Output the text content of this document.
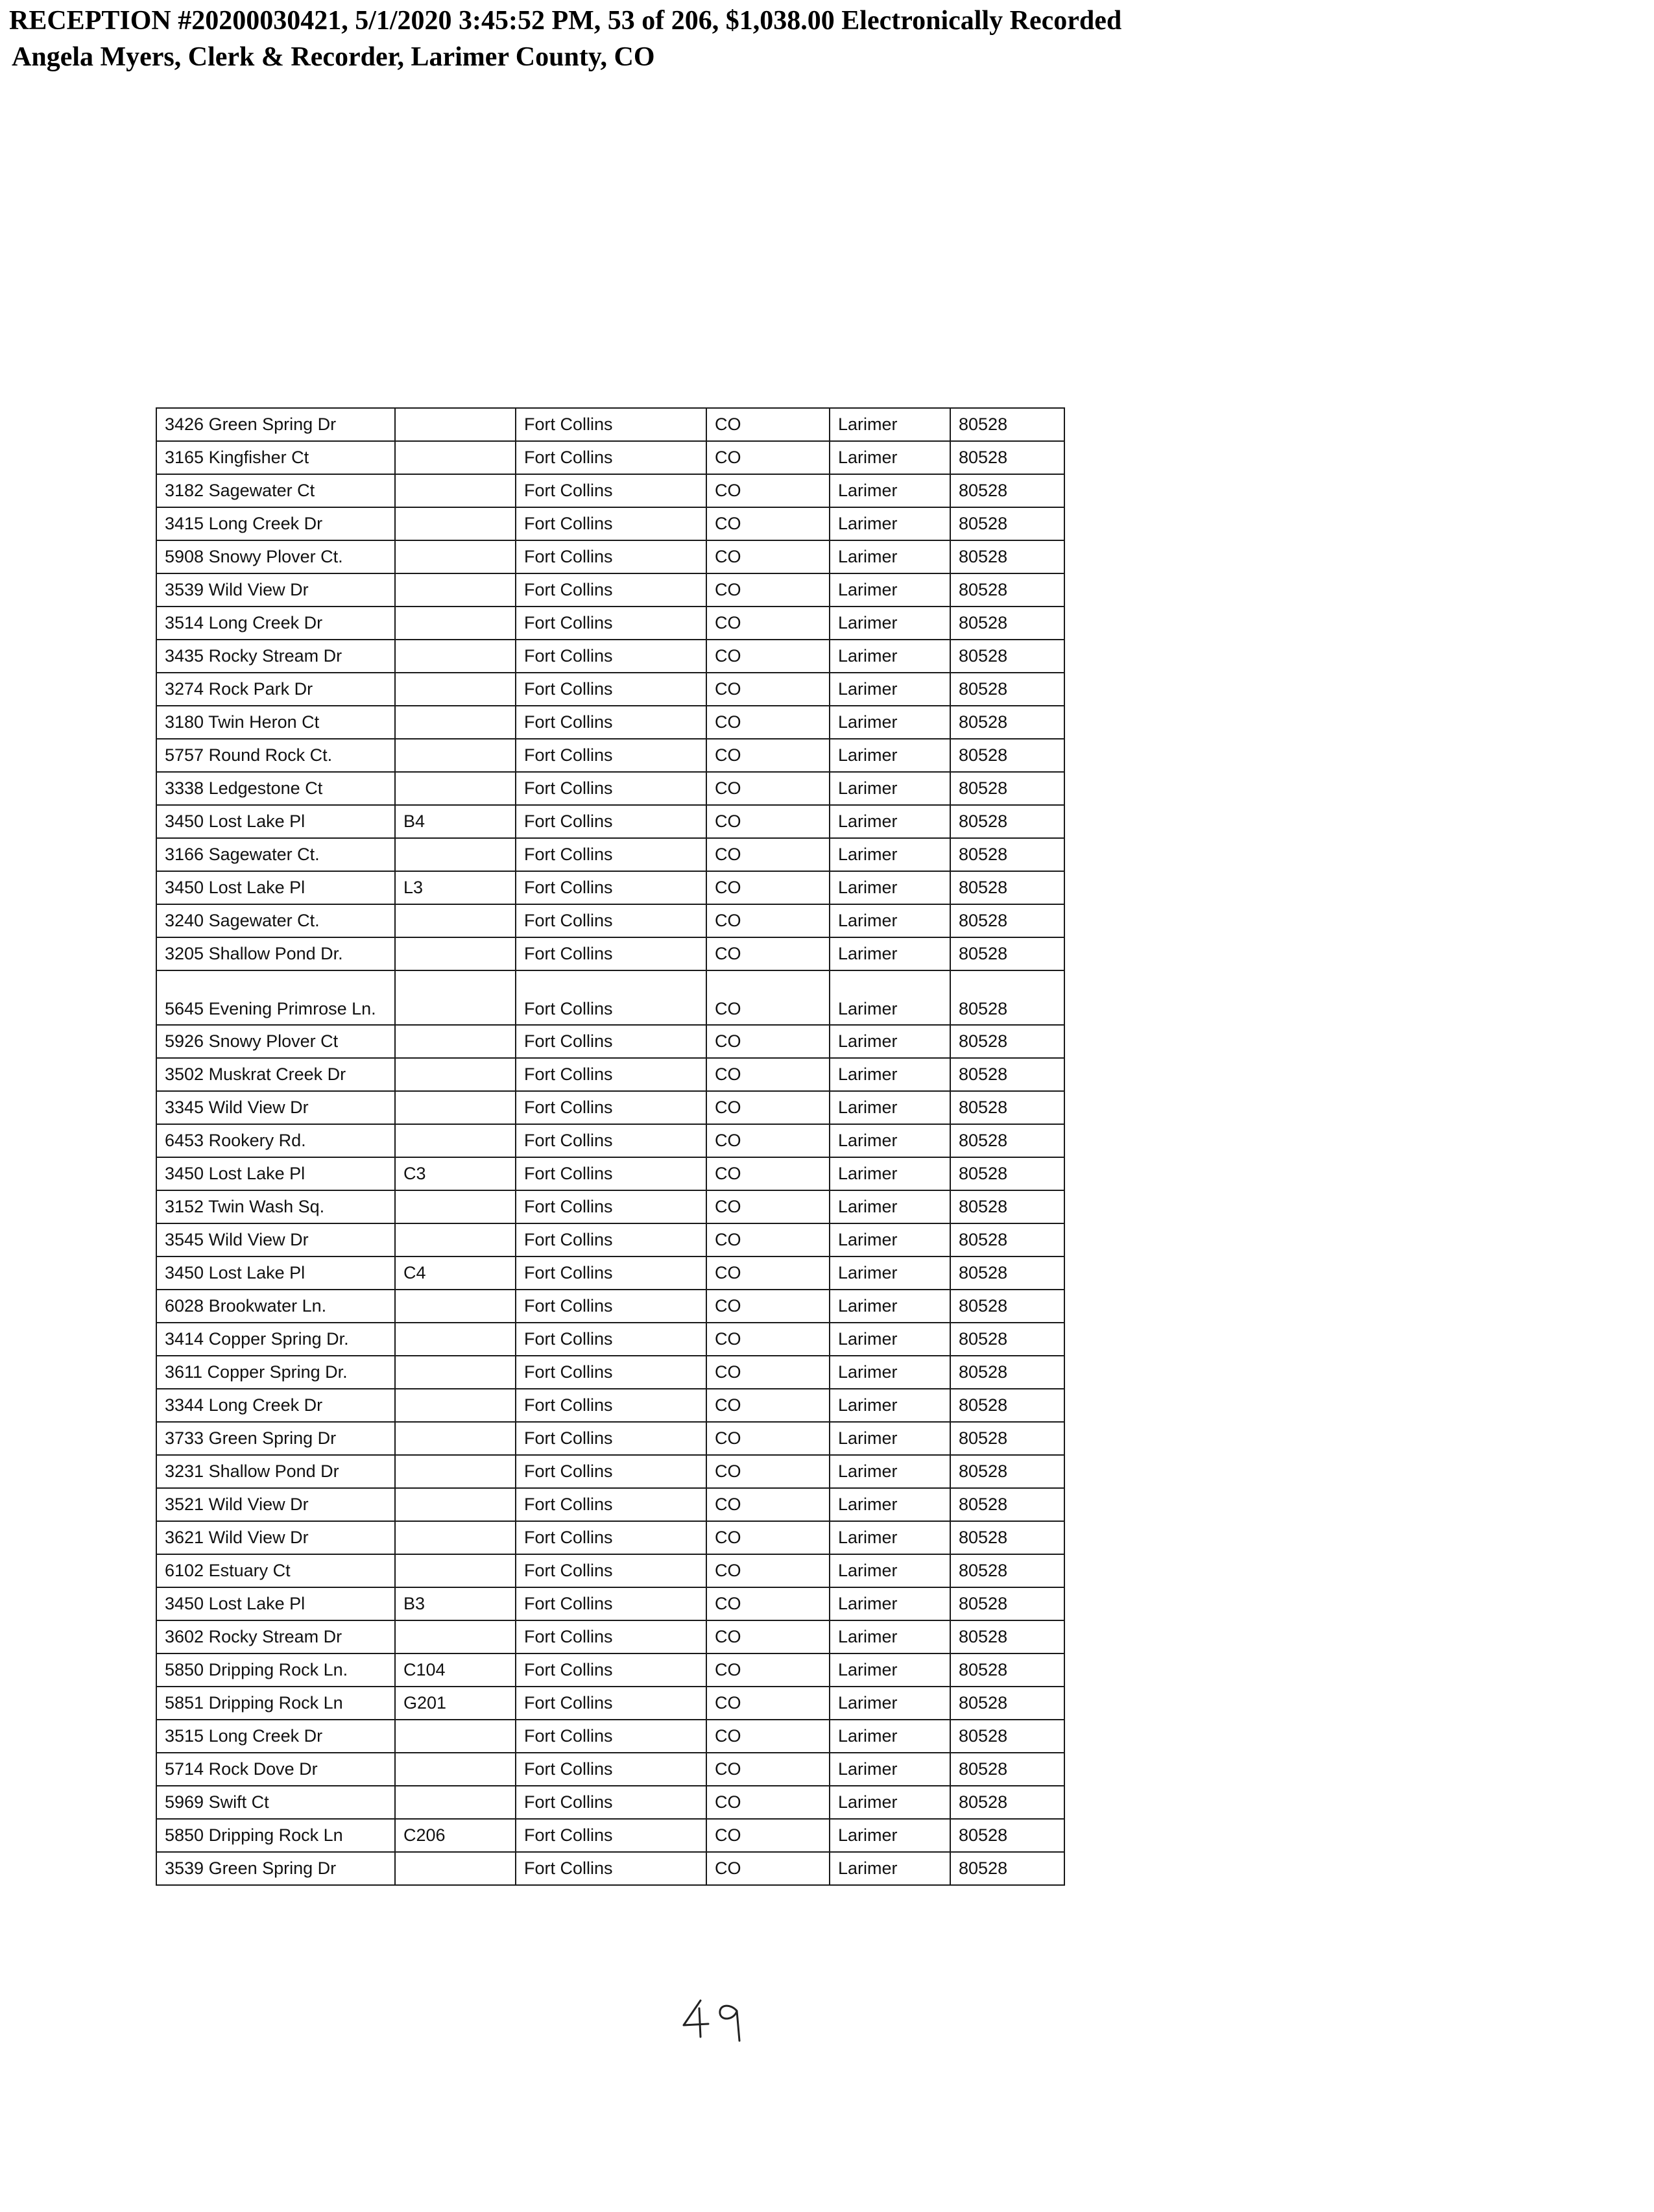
RECEPTION #20200030421, 5/1/2020 3:45:52 PM, 53 of 206, $1,038.00 Electronically Recorded
Angela Myers, Clerk & Recorder, Larimer County, CO
3426 Green Spring Dr		Fort Collins	CO	Larimer	80528
3165 Kingfisher Ct		Fort Collins	CO	Larimer	80528
3182 Sagewater Ct		Fort Collins	CO	Larimer	80528
3415 Long Creek Dr		Fort Collins	CO	Larimer	80528
5908 Snowy Plover Ct.		Fort Collins	CO	Larimer	80528
3539 Wild View Dr		Fort Collins	CO	Larimer	80528
3514 Long Creek Dr		Fort Collins	CO	Larimer	80528
3435 Rocky Stream Dr		Fort Collins	CO	Larimer	80528
3274 Rock Park Dr		Fort Collins	CO	Larimer	80528
3180 Twin Heron Ct		Fort Collins	CO	Larimer	80528
5757 Round Rock Ct.		Fort Collins	CO	Larimer	80528
3338 Ledgestone Ct		Fort Collins	CO	Larimer	80528
3450 Lost Lake Pl	B4	Fort Collins	CO	Larimer	80528
3166 Sagewater Ct.		Fort Collins	CO	Larimer	80528
3450 Lost Lake Pl	L3	Fort Collins	CO	Larimer	80528
3240 Sagewater Ct.		Fort Collins	CO	Larimer	80528
3205 Shallow Pond Dr.		Fort Collins	CO	Larimer	80528
5645 Evening Primrose Ln.		Fort Collins	CO	Larimer	80528
5926 Snowy Plover Ct		Fort Collins	CO	Larimer	80528
3502 Muskrat Creek Dr		Fort Collins	CO	Larimer	80528
3345 Wild View Dr		Fort Collins	CO	Larimer	80528
6453 Rookery Rd.		Fort Collins	CO	Larimer	80528
3450 Lost Lake Pl	C3	Fort Collins	CO	Larimer	80528
3152 Twin Wash Sq.		Fort Collins	CO	Larimer	80528
3545 Wild View Dr		Fort Collins	CO	Larimer	80528
3450 Lost Lake Pl	C4	Fort Collins	CO	Larimer	80528
6028 Brookwater Ln.		Fort Collins	CO	Larimer	80528
3414 Copper Spring Dr.		Fort Collins	CO	Larimer	80528
3611 Copper Spring Dr.		Fort Collins	CO	Larimer	80528
3344 Long Creek Dr		Fort Collins	CO	Larimer	80528
3733 Green Spring Dr		Fort Collins	CO	Larimer	80528
3231 Shallow Pond Dr		Fort Collins	CO	Larimer	80528
3521 Wild View Dr		Fort Collins	CO	Larimer	80528
3621 Wild View Dr		Fort Collins	CO	Larimer	80528
6102 Estuary Ct		Fort Collins	CO	Larimer	80528
3450 Lost Lake Pl	B3	Fort Collins	CO	Larimer	80528
3602 Rocky Stream Dr		Fort Collins	CO	Larimer	80528
5850 Dripping Rock Ln.	C104	Fort Collins	CO	Larimer	80528
5851 Dripping Rock Ln	G201	Fort Collins	CO	Larimer	80528
3515 Long Creek Dr		Fort Collins	CO	Larimer	80528
5714 Rock Dove Dr		Fort Collins	CO	Larimer	80528
5969 Swift Ct		Fort Collins	CO	Larimer	80528
5850 Dripping Rock Ln	C206	Fort Collins	CO	Larimer	80528
3539 Green Spring Dr		Fort Collins	CO	Larimer	80528
